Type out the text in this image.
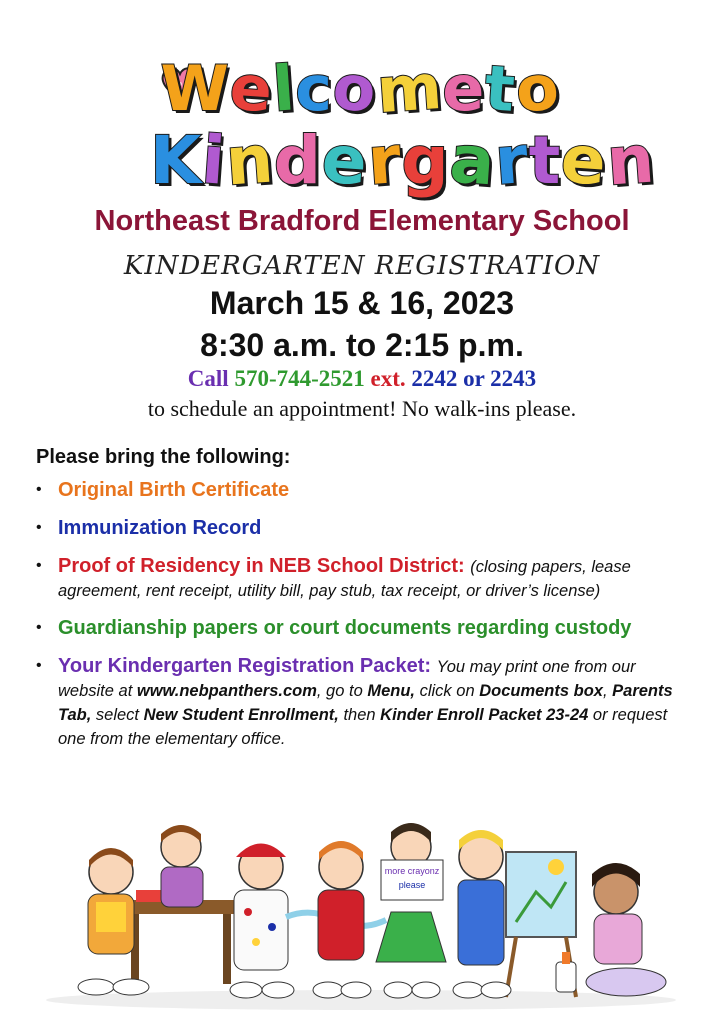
Welcometo
Kindergarten
Northeast Bradford Elementary School
KINDERGARTEN REGISTRATION
March 15 & 16, 2023
8:30 a.m. to 2:15 p.m.
Call 570-744-2521 ext. 2242 or 2243
to schedule an appointment! No walk-ins please.
Please bring the following:
• Original Birth Certificate
• Immunization Record
• Proof of Residency in NEB School District: (closing papers, lease agreement, rent receipt, utility bill, pay stub, tax receipt, or driver’s license)
• Guardianship papers or court documents regarding custody
• Your Kindergarten Registration Packet: You may print one from our website at www.nebpanthers.com, go to Menu, click on Documents box, Parents Tab, select New Student Enrollment, then Kinder Enroll Packet 23-24 or request one from the elementary office.
more crayonz
please
